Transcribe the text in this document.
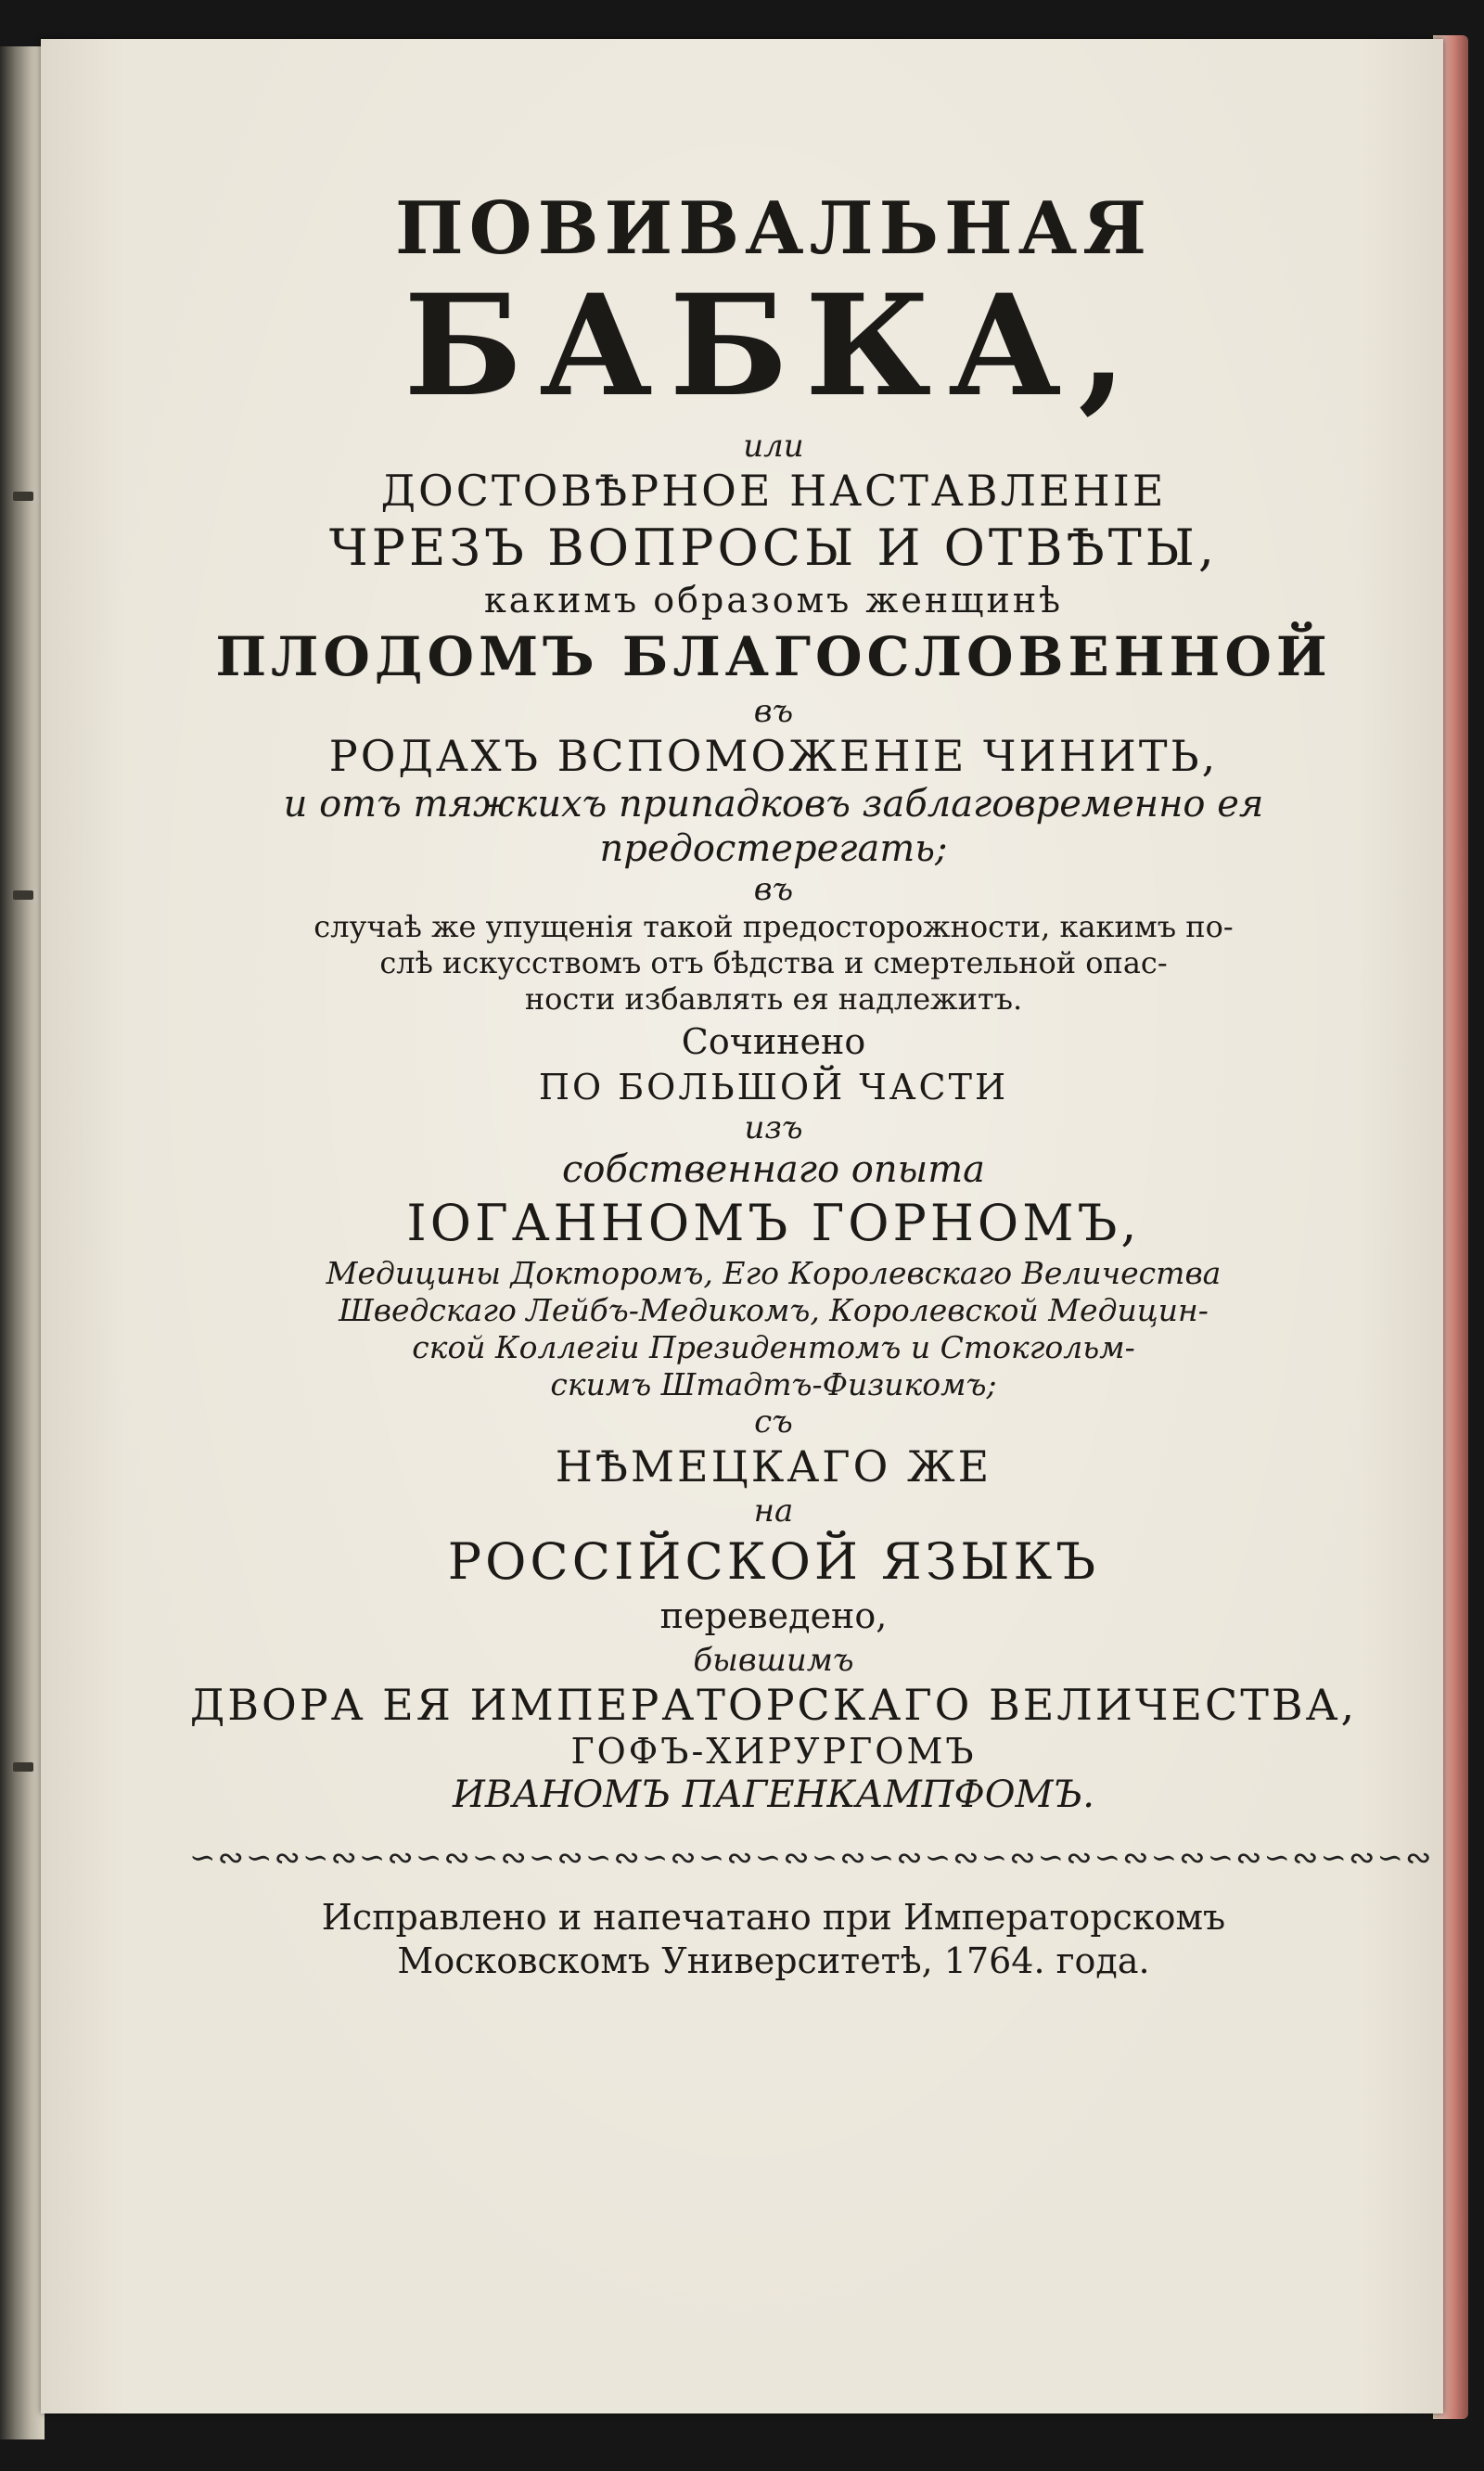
ПОВИВАЛЬНАЯ
БАБКА,
или
ДОСТОВѢРНОЕ НАСТАВЛЕНІЕ
ЧРЕЗЪ ВОПРОСЫ И ОТВѢТЫ,
какимъ образомъ женщинѣ
ПЛОДОМЪ БЛАГОСЛОВЕННОЙ
въ
РОДАХЪ ВСПОМОЖЕНІЕ ЧИНИТЬ,
и отъ тяжкихъ припадковъ заблаговременно ея
предостерегать;
въ
случаѣ же упущенія такой предосторожности, какимъ по-
слѣ искусствомъ отъ бѣдства и смертельной опас-
ности избавлять ея надлежитъ.
Сочинено
ПО БОЛЬШОЙ ЧАСТИ
изъ
собственнаго опыта
ІОГАННОМЪ ГОРНОМЪ,
Медицины Докторомъ, Его Королевскаго Величества
Шведскаго Лейбъ-Медикомъ, Королевской Медицин-
ской Коллегіи Президентомъ и Стокгольм-
скимъ Штадтъ-Физикомъ;
съ
НѢМЕЦКАГО ЖЕ
на
РОССІЙСКОЙ ЯЗЫКЪ
переведено,
бывшимъ
ДВОРА ЕЯ ИМПЕРАТОРСКАГО ВЕЛИЧЕСТВА,
ГОФЪ-ХИРУРГОМЪ
ИВАНОМЪ ПАГЕНКАМПФОМЪ.
∽∾∽∾∽∾∽∾∽∾∽∾∽∾∽∾∽∾∽∾∽∾∽∾∽∾∽∾∽∾∽∾∽∾∽∾∽∾∽∾∽∾∽∾
Исправлено и напечатано при Императорскомъ
Московскомъ Университетѣ, 1764. года.
